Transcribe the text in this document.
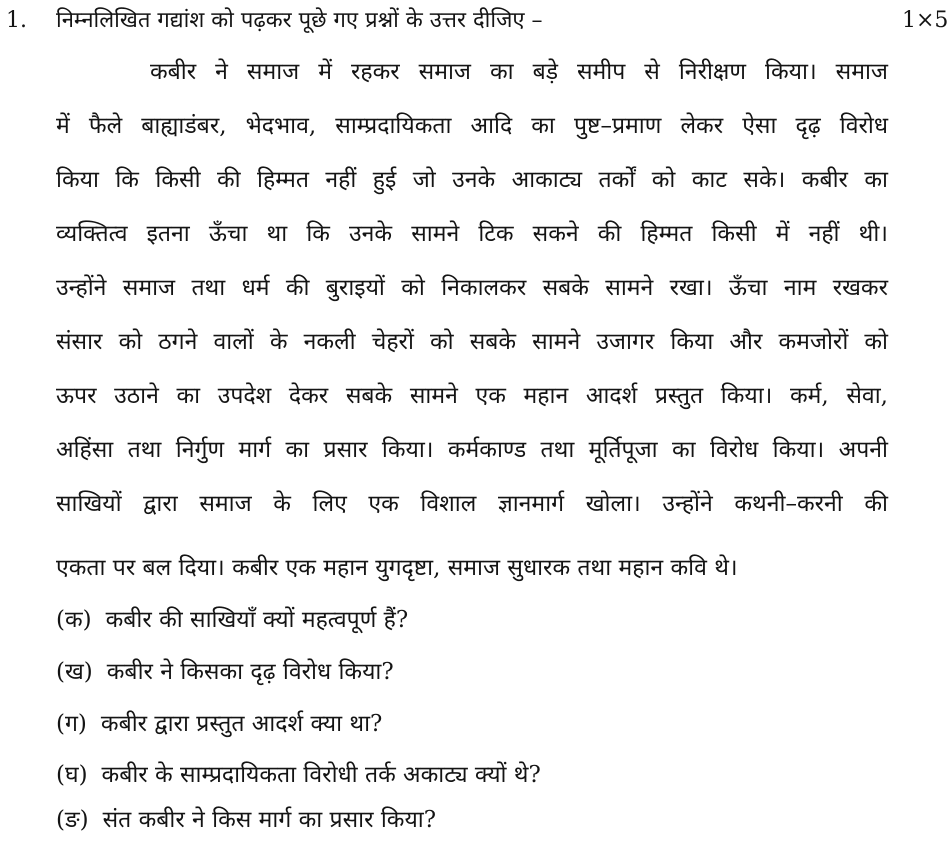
1. निम्नलिखित गद्यांश को पढ़कर पूछे गए प्रश्नों के उत्तर दीजिए –	1×5
कबीर ने समाज में रहकर समाज का बड़े समीप से निरीक्षण किया। समाज
में फैले बाह्याडंबर, भेदभाव, साम्प्रदायिकता आदि का पुष्ट–प्रमाण लेकर ऐसा दृढ़ विरोध
किया कि किसी की हिम्मत नहीं हुई जो उनके आकाट्य तर्कों को काट सके। कबीर का
व्यक्तित्व इतना ऊँचा था कि उनके सामने टिक सकने की हिम्मत किसी में नहीं थी।
उन्होंने समाज तथा धर्म की बुराइयों को निकालकर सबके सामने रखा। ऊँचा नाम रखकर
संसार को ठगने वालों के नकली चेहरों को सबके सामने उजागर किया और कमजोरों को
ऊपर उठाने का उपदेश देकर सबके सामने एक महान आदर्श प्रस्तुत किया। कर्म, सेवा,
अहिंसा तथा निर्गुण मार्ग का प्रसार किया। कर्मकाण्ड तथा मूर्तिपूजा का विरोध किया। अपनी
साखियों द्वारा समाज के लिए एक विशाल ज्ञानमार्ग खोला। उन्होंने कथनी–करनी की
एकता पर बल दिया। कबीर एक महान युगदृष्टा, समाज सुधारक तथा महान कवि थे।
(क) कबीर की साखियाँ क्यों महत्वपूर्ण हैं?
(ख) कबीर ने किसका दृढ़ विरोध किया?
(ग) कबीर द्वारा प्रस्तुत आदर्श क्या था?
(घ) कबीर के साम्प्रदायिकता विरोधी तर्क अकाट्य क्यों थे?
(ङ) संत कबीर ने किस मार्ग का प्रसार किया?
